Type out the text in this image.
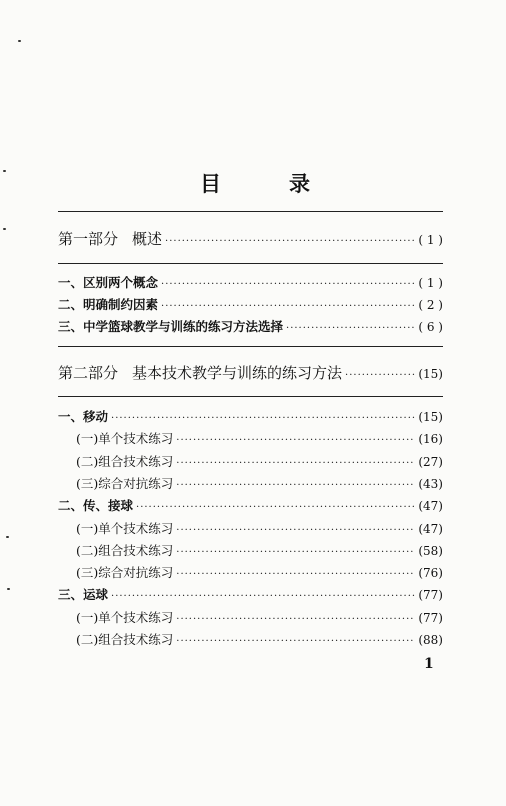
目	录
第一部分 概述 ·····	( 1 )
一、区别两个概念 ·····	( 1 )
二、明确制约因素 ·····	( 2 )
三、中学篮球教学与训练的练习方法选择 ·····	( 6 )
第二部分 基本技术教学与训练的练习方法 ·····	(15)
一、移动 ·····	(15)
(一)单个技术练习 ·····	(16)
(二)组合技术练习 ·····	(27)
(三)综合对抗练习 ·····	(43)
二、传、接球 ·····	(47)
(一)单个技术练习 ·····	(47)
(二)组合技术练习 ·····	(58)
(三)综合对抗练习 ·····	(76)
三、运球 ·····	(77)
(一)单个技术练习 ·····	(77)
(二)组合技术练习 ·····	(88)
1
